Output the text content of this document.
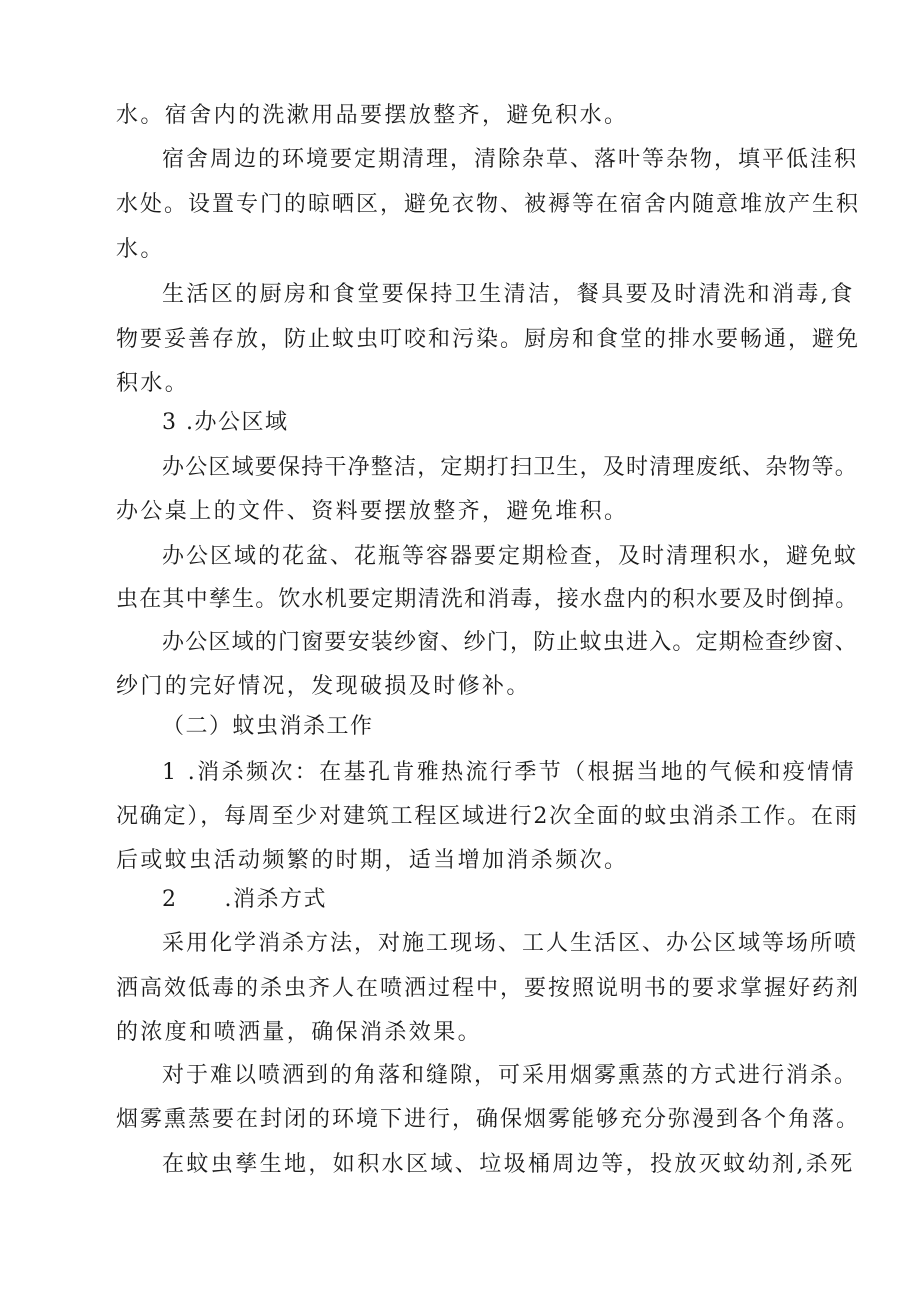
水。宿舍内的洗漱用品要摆放整齐，避免积水。
宿舍周边的环境要定期清理，清除杂草、落叶等杂物，填平低洼积
水处。设置专门的晾晒区，避免衣物、被褥等在宿舍内随意堆放产生积
水。
生活区的厨房和食堂要保持卫生清洁，餐具要及时清洗和消毒,食
物要妥善存放，防止蚊虫叮咬和污染。厨房和食堂的排水要畅通，避免
积水。
3 .办公区域
办公区域要保持干净整洁，定期打扫卫生，及时清理废纸、杂物等。
办公桌上的文件、资料要摆放整齐，避免堆积。
办公区域的花盆、花瓶等容器要定期检查，及时清理积水，避免蚊
虫在其中孳生。饮水机要定期清洗和消毒，接水盘内的积水要及时倒掉。
办公区域的门窗要安装纱窗、纱门，防止蚊虫进入。定期检查纱窗、
纱门的完好情况，发现破损及时修补。
（二）蚊虫消杀工作
1 .消杀频次：在基孔肯雅热流行季节（根据当地的气候和疫情情
况确定），每周至少对建筑工程区域进行2次全面的蚊虫消杀工作。在雨
后或蚊虫活动频繁的时期，适当增加消杀频次。
2　　.消杀方式
采用化学消杀方法，对施工现场、工人生活区、办公区域等场所喷
洒高效低毒的杀虫齐人在喷洒过程中，要按照说明书的要求掌握好药剂
的浓度和喷洒量，确保消杀效果。
对于难以喷洒到的角落和缝隙，可采用烟雾熏蒸的方式进行消杀。
烟雾熏蒸要在封闭的环境下进行，确保烟雾能够充分弥漫到各个角落。
在蚊虫孳生地，如积水区域、垃圾桶周边等，投放灭蚊幼剂,杀死
